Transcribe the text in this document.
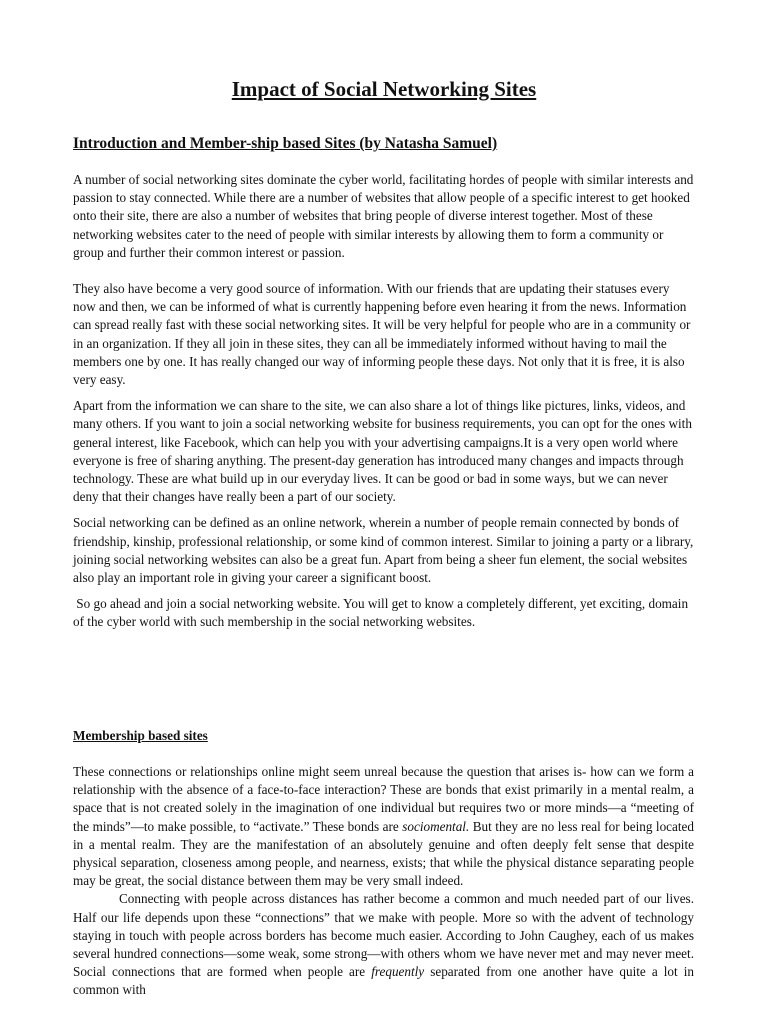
Impact of Social Networking Sites
Introduction and Member-ship based Sites (by Natasha Samuel)

A number of social networking sites dominate the cyber world, facilitating hordes of people with similar interests and passion to stay connected. While there are a number of websites that allow people of a specific interest to get hooked onto their site, there are also a number of websites that bring people of diverse interest together. Most of these networking websites cater to the need of people with similar interests by allowing them to form a community or group and further their common interest or passion.

They also have become a very good source of information. With our friends that are updating their statuses every now and then, we can be informed of what is currently happening before even hearing it from the news. Information can spread really fast with these social networking sites. It will be very helpful for people who are in a community or in an organization. If they all join in these sites, they can all be immediately informed without having to mail the members one by one. It has really changed our way of informing people these days. Not only that it is free, it is also very easy.

Apart from the information we can share to the site, we can also share a lot of things like pictures, links, videos, and many others. If you want to join a social networking website for business requirements, you can opt for the ones with general interest, like Facebook, which can help you with your advertising campaigns.It is a very open world where everyone is free of sharing anything. The present-day generation has introduced many changes and impacts through technology. These are what build up in our everyday lives. It can be good or bad in some ways, but we can never deny that their changes have really been a part of our society.

Social networking can be defined as an online network, wherein a number of people remain connected by bonds of friendship, kinship, professional relationship, or some kind of common interest. Similar to joining a party or a library, joining social networking websites can also be a great fun. Apart from being a sheer fun element, the social websites also play an important role in giving your career a significant boost.

So go ahead and join a social networking website. You will get to know a completely different, yet exciting, domain of the cyber world with such membership in the social networking websites.

Membership based sites

These connections or relationships online might seem unreal because the question that arises is- how can we form a relationship with the absence of a face-to-face interaction? These are bonds that exist primarily in a mental realm, a space that is not created solely in the imagination of one individual but requires two or more minds—a “meeting of the minds”—to make possible, to “activate.” These bonds are sociomental. But they are no less real for being located in a mental realm. They are the manifestation of an absolutely genuine and often deeply felt sense that despite physical separation, closeness among people, and nearness, exists; that while the physical distance separating people may be great, the social distance between them may be very small indeed.

Connecting with people across distances has rather become a common and much needed part of our lives. Half our life depends upon these “connections” that we make with people. More so with the advent of technology staying in touch with people across borders has become much easier. According to John Caughey, each of us makes several hundred connections—some weak, some strong—with others whom we have never met and may never meet. Social connections that are formed when people are frequently separated from one another have quite a lot in common with
